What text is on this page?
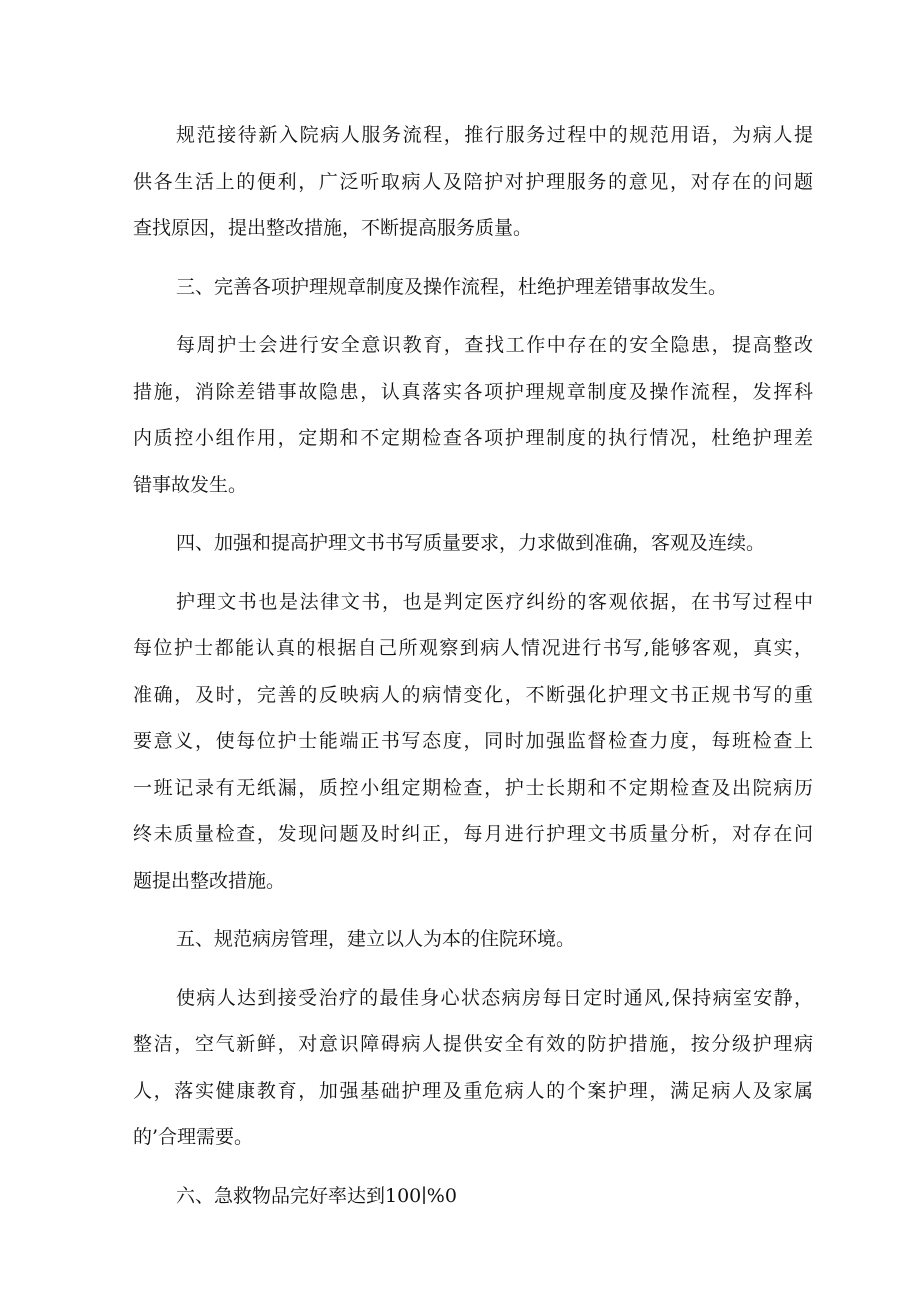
规范接待新入院病人服务流程，推行服务过程中的规范用语，为病人提
供各生活上的便利，广泛听取病人及陪护对护理服务的意见，对存在的问题
查找原因，提出整改措施，不断提高服务质量。
三、完善各项护理规章制度及操作流程，杜绝护理差错事故发生。
每周护士会进行安全意识教育，查找工作中存在的安全隐患，提高整改
措施，消除差错事故隐患，认真落实各项护理规章制度及操作流程，发挥科
内质控小组作用，定期和不定期检查各项护理制度的执行情况，杜绝护理差
错事故发生。
四、加强和提高护理文书书写质量要求，力求做到准确，客观及连续。
护理文书也是法律文书，也是判定医疗纠纷的客观依据，在书写过程中
每位护士都能认真的根据自己所观察到病人情况进行书写,能够客观，真实，
准确，及时，完善的反映病人的病情变化，不断强化护理文书正规书写的重
要意义，使每位护士能端正书写态度，同时加强监督检查力度，每班检查上
一班记录有无纸漏，质控小组定期检查，护士长期和不定期检查及出院病历
终未质量检查，发现问题及时纠正，每月进行护理文书质量分析，对存在问
题提出整改措施。
五、规范病房管理，建立以人为本的住院环境。
使病人达到接受治疗的最佳身心状态病房每日定时通风,保持病室安静，
整洁，空气新鲜，对意识障碍病人提供安全有效的防护措施，按分级护理病
人，落实健康教育，加强基础护理及重危病人的个案护理，满足病人及家属
的’合理需要。
六、急救物品完好率达到100∣%0
